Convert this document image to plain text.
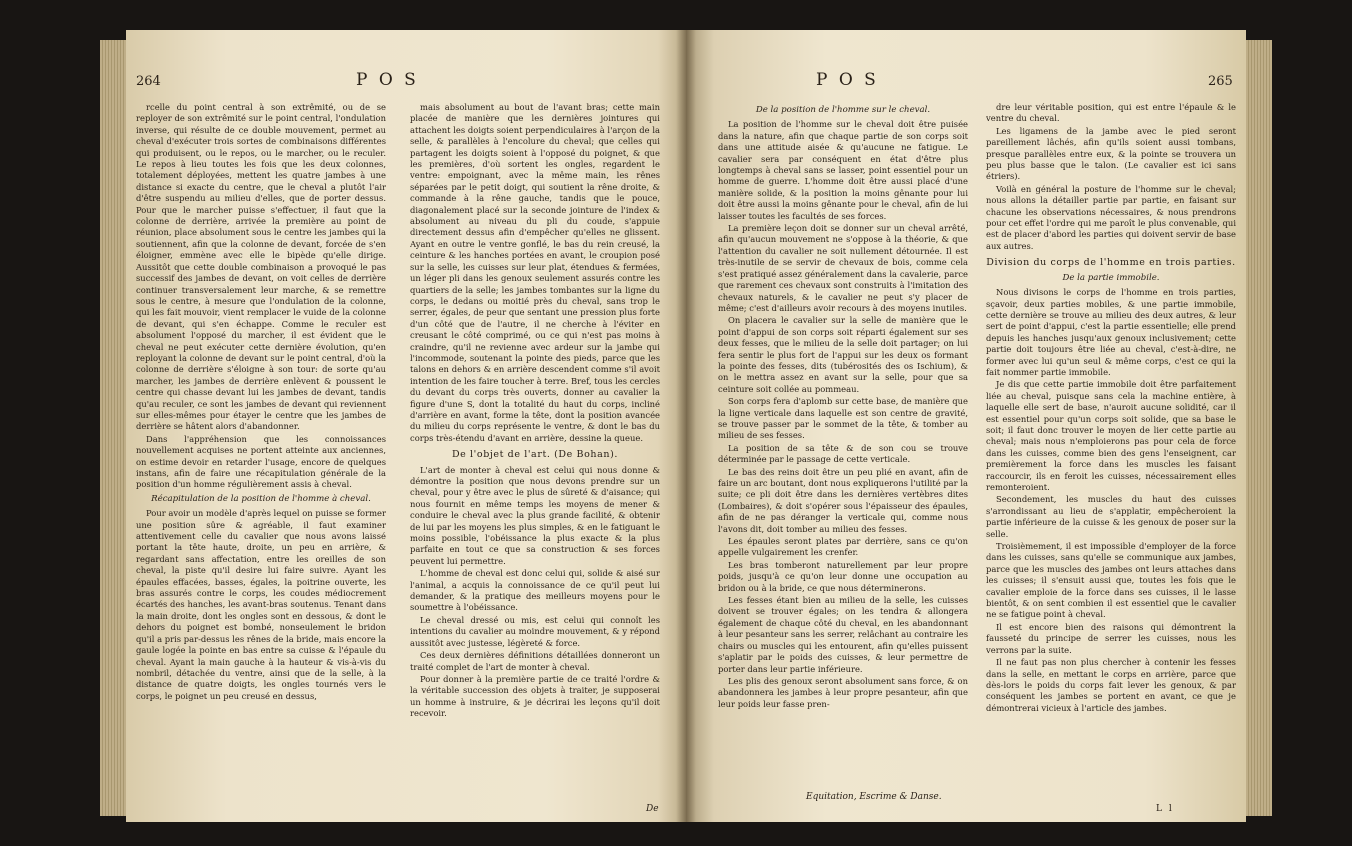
264	P O S

rcelle du point central à son extrêmité, ou de se reployer de son extrêmité sur le point central, l'ondulation inverse, qui résulte de ce double mouvement, permet au cheval d'exécuter trois sortes de combinaisons différentes qui produisent, ou le repos, ou le marcher, ou le reculer. Le repos à lieu toutes les fois que les deux colonnes, totalement déployées, mettent les quatre jambes à une distance si exacte du centre, que le cheval a plutôt l'air d'être suspendu au milieu d'elles, que de porter dessus. Pour que le marcher puisse s'effectuer, il faut que la colonne de derrière, arrivée la première au point de réunion, place absolument sous le centre les jambes qui la soutiennent, afin que la colonne de devant, forcée de s'en éloigner, emmène avec elle le bipède qu'elle dirige. Aussitôt que cette double combinaison a provoqué le pas successif des jambes de devant, on voit celles de derrière continuer transversalement leur marche, & se remettre sous le centre, à mesure que l'ondulation de la colonne, qui les fait mouvoir, vient remplacer le vuide de la colonne de devant, qui s'en échappe. Comme le reculer est absolument l'opposé du marcher, il est évident que le cheval ne peut exécuter cette dernière évolution, qu'en reployant la colonne de devant sur le point central, d'où la colonne de derrière s'éloigne à son tour: de sorte qu'au marcher, les jambes de derrière enlèvent & poussent le centre qui chasse devant lui les jambes de devant, tandis qu'au reculer, ce sont les jambes de devant qui reviennent sur elles-mêmes pour étayer le centre que les jambes de derrière se hâtent alors d'abandonner.

Dans l'appréhension que les connoissances nouvellement acquises ne portent atteinte aux anciennes, on estime devoir en retarder l'usage, encore de quelques instans, afin de faire une récapitulation générale de la position d'un homme régulièrement assis à cheval.

Récapitulation de la position de l'homme à cheval.

Pour avoir un modèle d'après lequel on puisse se former une position sûre & agréable, il faut examiner attentivement celle du cavalier que nous avons laissé portant la tête haute, droite, un peu en arrière, & regardant sans affectation, entre les oreilles de son cheval, la piste qu'il desire lui faire suivre. Ayant les épaules effacées, basses, égales, la poitrine ouverte, les bras assurés contre le corps, les coudes médiocrement écartés des hanches, les avant-bras soutenus. Tenant dans la main droite, dont les ongles sont en dessous, & dont le dehors du poignet est bombé, nonseulement le bridon qu'il a pris par-dessus les rênes de la bride, mais encore la gaule logée la pointe en bas entre sa cuisse & l'épaule du cheval. Ayant la main gauche à la hauteur & vis-à-vis du nombril, détachée du ventre, ainsi que de la selle, à la distance de quatre doigts, les ongles tournés vers le corps, le poignet un peu creusé en dessus,

mais absolument au bout de l'avant bras; cette main placée de manière que les dernières jointures qui attachent les doigts soient perpendiculaires à l'arçon de la selle, & parallèles à l'encolure du cheval; que celles qui partagent les doigts soient à l'opposé du poignet, & que les premières, d'où sortent les ongles, regardent le ventre: empoignant, avec la même main, les rênes séparées par le petit doigt, qui soutient la rêne droite, & commande à la rêne gauche, tandis que le pouce, diagonalement placé sur la seconde jointure de l'index & absolument au niveau du pli du coude, s'appuie directement dessus afin d'empêcher qu'elles ne glissent. Ayant en outre le ventre gonflé, le bas du rein creusé, la ceinture & les hanches portées en avant, le croupion posé sur la selle, les cuisses sur leur plat, étendues & fermées, un léger pli dans les genoux seulement assurés contre les quartiers de la selle; les jambes tombantes sur la ligne du corps, le dedans ou moitié près du cheval, sans trop le serrer, égales, de peur que sentant une pression plus forte d'un côté que de l'autre, il ne cherche à l'éviter en creusant le côté comprimé, ou ce qui n'est pas moins à craindre, qu'il ne revienne avec ardeur sur la jambe qui l'incommode, soutenant la pointe des pieds, parce que les talons en dehors & en arrière descendent comme s'il avoit intention de les faire toucher à terre. Bref, tous les cercles du devant du corps très ouverts, donner au cavalier la figure d'une S, dont la totalité du haut du corps, incliné d'arrière en avant, forme la tête, dont la position avancée du milieu du corps représente le ventre, & dont le bas du corps très-étendu d'avant en arrière, dessine la queue.

De l'objet de l'art. (De Bohan).

L'art de monter à cheval est celui qui nous donne & démontre la position que nous devons prendre sur un cheval, pour y être avec le plus de sûreté & d'aisance; qui nous fournit en même temps les moyens de mener & conduire le cheval avec la plus grande facilité, & obtenir de lui par les moyens les plus simples, & en le fatiguant le moins possible, l'obéissance la plus exacte & la plus parfaite en tout ce que sa construction & ses forces peuvent lui permettre.

L'homme de cheval est donc celui qui, solide & aisé sur l'animal, a acquis la connoissance de ce qu'il peut lui demander, & la pratique des meilleurs moyens pour le soumettre à l'obéissance.

Le cheval dressé ou mis, est celui qui connoît les intentions du cavalier au moindre mouvement, & y répond aussitôt avec justesse, légèreté & force.

Ces deux dernières définitions détaillées donneront un traité complet de l'art de monter à cheval.

Pour donner à la première partie de ce traité l'ordre & la véritable succession des objets à traiter, je supposerai un homme à instruire, & je décrirai les leçons qu'il doit recevoir.

De
P O S	265
De la position de l'homme sur le cheval.

La position de l'homme sur le cheval doit être puisée dans la nature, afin que chaque partie de son corps soit dans une attitude aisée & qu'aucune ne fatigue. Le cavalier sera par conséquent en état d'être plus longtemps à cheval sans se lasser, point essentiel pour un homme de guerre. L'homme doit être aussi placé d'une manière solide, & la position la moins gênante pour lui doit être aussi la moins gênante pour le cheval, afin de lui laisser toutes les facultés de ses forces.

La première leçon doit se donner sur un cheval arrêté, afin qu'aucun mouvement ne s'oppose à la théorie, & que l'attention du cavalier ne soit nullement détournée. Il est très-inutile de se servir de chevaux de bois, comme cela s'est pratiqué assez généralement dans la cavalerie, parce que rarement ces chevaux sont construits à l'imitation des chevaux naturels, & le cavalier ne peut s'y placer de même; c'est d'ailleurs avoir recours à des moyens inutiles.

On placera le cavalier sur la selle de manière que le point d'appui de son corps soit réparti également sur ses deux fesses, que le milieu de la selle doit partager; on lui fera sentir le plus fort de l'appui sur les deux os formant la pointe des fesses, dits (tubérosités des os Ischium), & on le mettra assez en avant sur la selle, pour que sa ceinture soit collée au pommeau.

Son corps fera d'aplomb sur cette base, de manière que la ligne verticale dans laquelle est son centre de gravité, se trouve passer par le sommet de la tête, & tomber au milieu de ses fesses.

La position de sa tête & de son cou se trouve déterminée par le passage de cette verticale.

Le bas des reins doit être un peu plié en avant, afin de faire un arc boutant, dont nous expliquerons l'utilité par la suite; ce pli doit être dans les dernières vertèbres dites (Lombaires), & doit s'opérer sous l'épaisseur des épaules, afin de ne pas déranger la verticale qui, comme nous l'avons dit, doit tomber au milieu des fesses.

Les épaules seront plates par derrière, sans ce qu'on appelle vulgairement les crenfer.

Les bras tomberont naturellement par leur propre poids, jusqu'à ce qu'on leur donne une occupation au bridon ou à la bride, ce que nous déterminerons.

Les fesses étant bien au milieu de la selle, les cuisses doivent se trouver égales; on les tendra & allongera également de chaque côté du cheval, en les abandonnant à leur pesanteur sans les serrer, relâchant au contraire les chairs ou muscles qui les entourent, afin qu'elles puissent s'aplatir par le poids des cuisses, & leur permettre de porter dans leur partie inférieure.

Les plis des genoux seront absolument sans force, & on abandonnera les jambes à leur propre pesanteur, afin que leur poids leur fasse pren-

Equitation, Escrime & Danse.

dre leur véritable position, qui est entre l'épaule & le ventre du cheval.

Les ligamens de la jambe avec le pied seront pareillement lâchés, afin qu'ils soient aussi tombans, presque parallèles entre eux, & la pointe se trouvera un peu plus basse que le talon. (Le cavalier est ici sans étriers).

Voilà en général la posture de l'homme sur le cheval; nous allons la détailler partie par partie, en faisant sur chacune les observations nécessaires, & nous prendrons pour cet effet l'ordre qui me paroît le plus convenable, qui est de placer d'abord les parties qui doivent servir de base aux autres.

Division du corps de l'homme en trois parties.
De la partie immobile.

Nous divisons le corps de l'homme en trois parties, sçavoir, deux parties mobiles, & une partie immobile, cette dernière se trouve au milieu des deux autres, & leur sert de point d'appui, c'est la partie essentielle; elle prend depuis les hanches jusqu'aux genoux inclusivement; cette partie doit toujours être liée au cheval, c'est-à-dire, ne former avec lui qu'un seul & même corps, c'est ce qui la fait nommer partie immobile.

Je dis que cette partie immobile doit être parfaitement liée au cheval, puisque sans cela la machine entière, à laquelle elle sert de base, n'auroit aucune solidité, car il est essentiel pour qu'un corps soit solide, que sa base le soit; il faut donc trouver le moyen de lier cette partie au cheval; mais nous n'emploierons pas pour cela de force dans les cuisses, comme bien des gens l'enseignent, car premièrement la force dans les muscles les faisant raccourcir, ils en feroit les cuisses, nécessairement elles remonteroient.

Secondement, les muscles du haut des cuisses s'arrondissant au lieu de s'applatir, empêcheroient la partie inférieure de la cuisse & les genoux de poser sur la selle.

Troisièmement, il est impossible d'employer de la force dans les cuisses, sans qu'elle se communique aux jambes, parce que les muscles des jambes ont leurs attaches dans les cuisses; il s'ensuit aussi que, toutes les fois que le cavalier emploie de la force dans ses cuisses, il le lasse bientôt, & on sent combien il est essentiel que le cavalier ne se fatigue point à cheval.

Il est encore bien des raisons qui démontrent la fausseté du principe de serrer les cuisses, nous les verrons par la suite.

Il ne faut pas non plus chercher à contenir les fesses dans la selle, en mettant le corps en arrière, parce que dès-lors le poids du corps fait lever les genoux, & par conséquent les jambes se portent en avant, ce que je démontrerai vicieux à l'article des jambes.

L l
